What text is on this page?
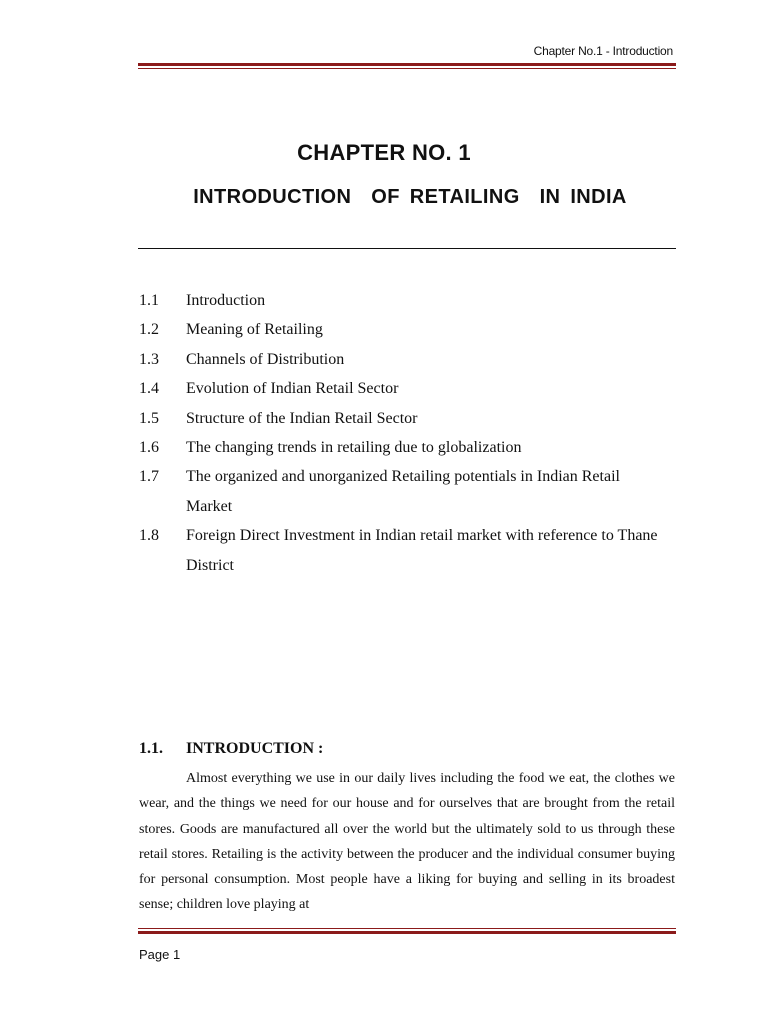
Chapter No.1 - Introduction
CHAPTER NO. 1
INTRODUCTION  OF RETAILING  IN INDIA
1.1	Introduction
1.2	Meaning of Retailing
1.3	Channels of Distribution
1.4	Evolution of Indian Retail Sector
1.5	Structure of the Indian Retail Sector
1.6	The changing trends in retailing due to globalization
1.7	The organized and unorganized Retailing potentials in Indian Retail Market
1.8	Foreign Direct Investment in Indian retail market with reference to Thane District
1.1.	INTRODUCTION :
Almost everything we use in our daily lives including the food we eat, the clothes we wear, and the things we need for our house and for ourselves that are brought from the retail stores. Goods are manufactured all over the world but the ultimately sold to us through these retail stores. Retailing is the activity between the producer and the individual consumer buying for personal consumption. Most people have a liking for buying and selling in its broadest sense; children love playing at
Page 1
